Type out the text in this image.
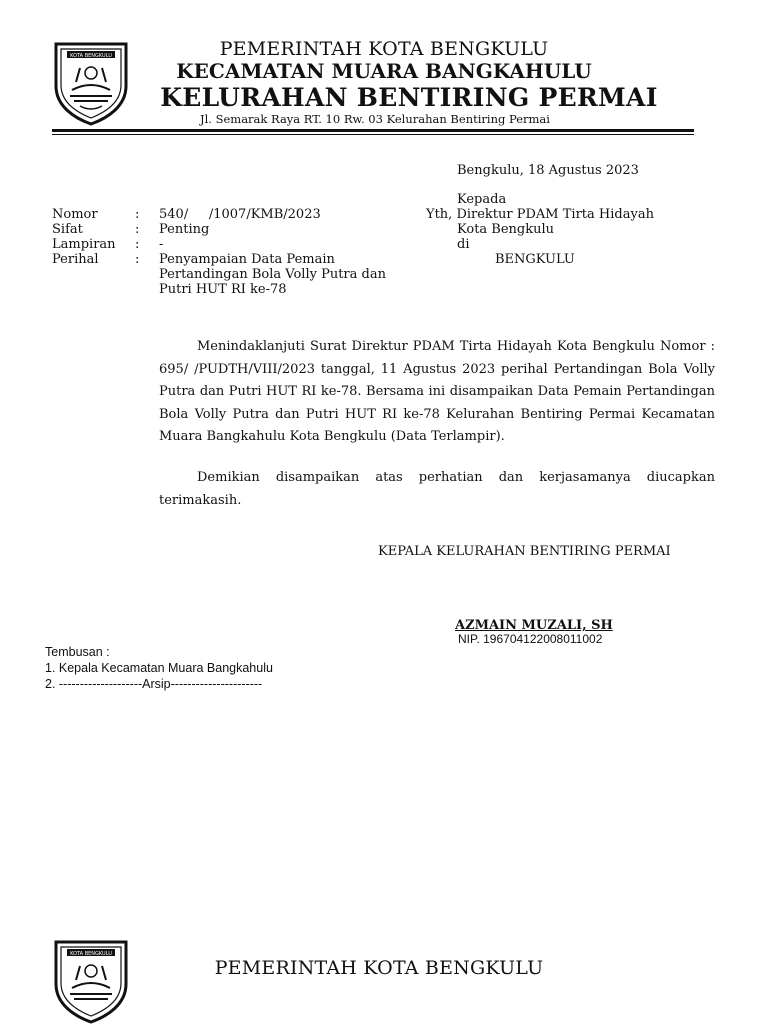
KOTA BENGKULU	PEMERINTAH KOTA BENGKULU
KECAMATAN MUARA BANGKAHULU
KELURAHAN BENTIRING PERMAI
Jl. Semarak Raya RT. 10 Rw. 03 Kelurahan Bentiring Permai
Bengkulu, 18 Agustus 2023
Kepada
Yth, Direktur PDAM Tirta Hidayah
Kota Bengkulu
di
BENGKULU
Nomor	: 540/     /1007/KMB/2023
Sifat	: Penting
Lampiran : -
Perihal	: Penyampaian Data Pemain
Pertandingan Bola Volly Putra dan
Putri HUT RI ke-78
Menindaklanjuti Surat Direktur PDAM Tirta Hidayah Kota Bengkulu Nomor : 695/ /PUDTH/VIII/2023 tanggal, 11 Agustus 2023 perihal Pertandingan Bola Volly Putra dan Putri HUT RI ke-78. Bersama ini disampaikan Data Pemain Pertandingan Bola Volly Putra dan Putri HUT RI ke-78 Kelurahan Bentiring Permai Kecamatan Muara Bangkahulu Kota Bengkulu (Data Terlampir).
Demikian disampaikan atas perhatian dan kerjasamanya diucapkan terimakasih.
KEPALA KELURAHAN BENTIRING PERMAI
AZMAIN MUZALI, SH
NIP. 196704122008011002
Tembusan :
1. Kepala Kecamatan Muara Bangkahulu
2. --------------------Arsip----------------------
KOTA BENGKULU
PEMERINTAH KOTA BENGKULU
